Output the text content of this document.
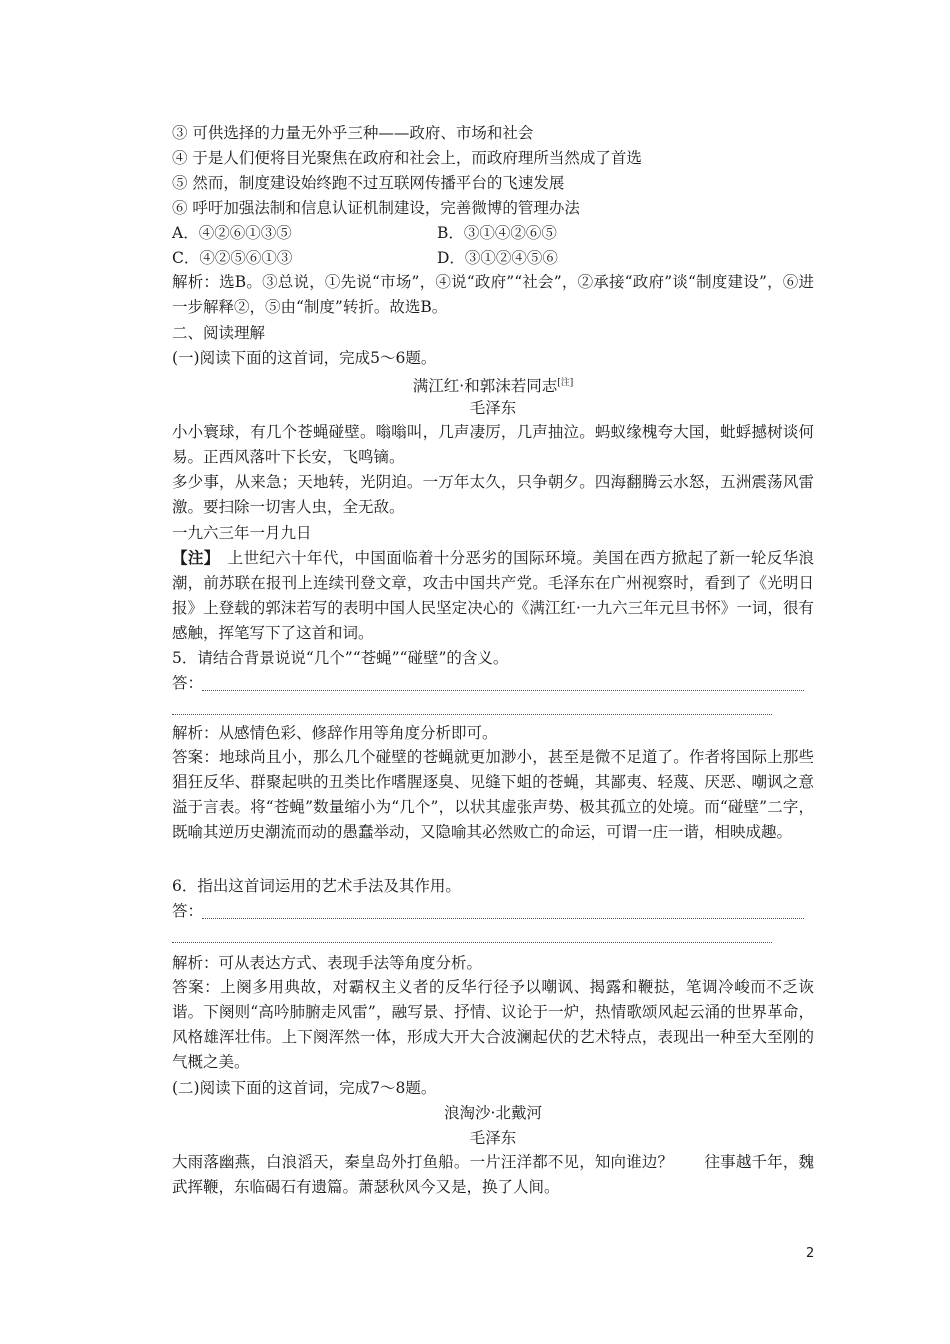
③ 可供选择的力量无外乎三种——政府、市场和社会
④ 于是人们便将目光聚焦在政府和社会上，而政府理所当然成了首选
⑤ 然而，制度建设始终跑不过互联网传播平台的飞速发展
⑥ 呼吁加强法制和信息认证机制建设，完善微博的管理办法
A．④②⑥①③⑤	B．③①④②⑥⑤
C．④②⑤⑥①③	D．③①②④⑤⑥
解析：选B。③总说，①先说“市场”，④说“政府”“社会”，②承接“政府”谈“制度建设”，⑥进一步解释②，⑤由“制度”转折。故选B。
二、阅读理解
(一)阅读下面的这首词，完成5～6题。
满江红·和郭沫若同志[注]
毛泽东
小小寰球，有几个苍蝇碰壁。嗡嗡叫，几声凄厉，几声抽泣。蚂蚁缘槐夸大国，蚍蜉撼树谈何易。正西风落叶下长安，飞鸣镝。
多少事，从来急；天地转，光阴迫。一万年太久，只争朝夕。四海翻腾云水怒，五洲震荡风雷激。要扫除一切害人虫，全无敌。
一九六三年一月九日
【注】　上世纪六十年代，中国面临着十分恶劣的国际环境。美国在西方掀起了新一轮反华浪潮，前苏联在报刊上连续刊登文章，攻击中国共产党。毛泽东在广州视察时，看到了《光明日报》上登载的郭沫若写的表明中国人民坚定决心的《满江红·一九六三年元旦书怀》一词，很有感触，挥笔写下了这首和词。
5．请结合背景说说“几个”“苍蝇”“碰壁”的含义。
答：
解析：从感情色彩、修辞作用等角度分析即可。
答案：地球尚且小，那么几个碰壁的苍蝇就更加渺小，甚至是微不足道了。作者将国际上那些猖狂反华、群聚起哄的丑类比作嗜腥逐臭、见缝下蛆的苍蝇，其鄙夷、轻蔑、厌恶、嘲讽之意溢于言表。将“苍蝇”数量缩小为“几个”，以状其虚张声势、极其孤立的处境。而“碰壁”二字，既喻其逆历史潮流而动的愚蠢举动，又隐喻其必然败亡的命运，可谓一庄一谐，相映成趣。
6．指出这首词运用的艺术手法及其作用。
答：
解析：可从表达方式、表现手法等角度分析。
答案：上阕多用典故，对霸权主义者的反华行径予以嘲讽、揭露和鞭挞，笔调冷峻而不乏诙谐。下阕则“高吟肺腑走风雷”，融写景、抒情、议论于一炉，热情歌颂风起云涌的世界革命，风格雄浑壮伟。上下阕浑然一体，形成大开大合波澜起伏的艺术特点，表现出一种至大至刚的气概之美。
(二)阅读下面的这首词，完成7～8题。
浪淘沙·北戴河
毛泽东
大雨落幽燕，白浪滔天，秦皇岛外打鱼船。一片汪洋都不见，知向谁边？　　往事越千年，魏武挥鞭，东临碣石有遗篇。萧瑟秋风今又是，换了人间。
2
